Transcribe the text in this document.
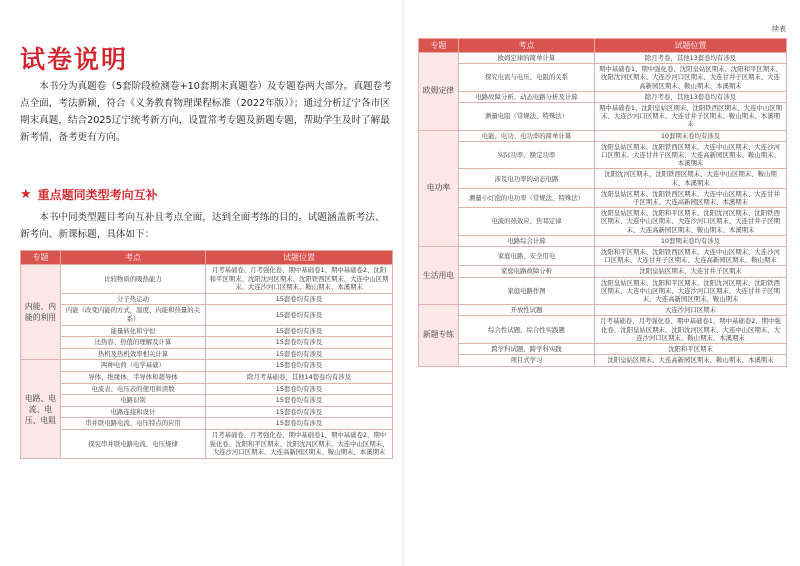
试卷说明
本书分为真题卷（5套阶段检测卷+10套期末真题卷）及专题卷两大部分。真题卷考点全面，考法新颖，符合《义务教育物理课程标准（2022年版）》；通过分析辽宁各市区期末真题，结合2025辽宁统考新方向，设置常考专题及新题专题，帮助学生及时了解最新考情，备考更有方向。
★ 重点题同类型考向互补
本书中同类型题目考向互补且考点全面，达到全面考练的目的。试题涵盖新考法、新考向、新课标题，具体如下：
专题	考点	试题位置
内能、内能的利用	比较物质的吸热能力	月考基础卷、月考强化卷、期中基础卷1、期中基础卷2、沈阳和平区期末、沈阳沈河区期末、沈阳铁西区期末、大连中山区期末、大连沙河口区期末、鞍山期末、本溪期末
	分子热运动	15套卷均有涉及
	内能（改变内能的方式，温度、内能和热量的关系）	15套卷均有涉及
	能量转化和守恒	15套卷均有涉及
	比热容、热值的理解及计算	15套卷均有涉及
	热机及热机效率相关计算	15套卷均有涉及
电路、电流、电压、电阻	两种电荷（电学基础）	15套卷均有涉及
	导体、绝缘体、半导体和超导体	除月考基础卷，其他14套卷均有涉及
	电流表、电压表的使用和读数	15套卷均有涉及
	电路识别	15套卷均有涉及
	电路连接和设计	15套卷均有涉及
	串并联电路电流、电压特点的应用	15套卷均有涉及
	探究串并联电路电流、电压规律	月考基础卷、月考强化卷、期中基础卷1、期中基础卷2、期中强化卷、沈阳和平区期末、沈阳沈河区期末、大连中山区期末、大连沙河口区期末、大连高新园区期末、鞍山期末、本溪期末
续表
专题	考点	试题位置
欧姆定律	欧姆定律的简单计算	除月考卷，其他13套卷均有涉及
	探究电流与电压、电阻的关系	期中基础卷1、期中强化卷、沈阳皇姑区期末、沈阳和平区期末、沈阳沈河区期末、大连沙河口区期末、大连甘井子区期末、大连高新园区期末、鞍山期末、本溪期末
	电路故障分析、动态电路分析及计算	除月考卷，其他13套卷均有涉及
	测量电阻（常规法、特殊法）	期中基础卷1、沈阳皇姑区期末、沈阳铁西区期末、大连中山区期末、大连沙河口区期末、大连甘井子区期末、鞍山期末、本溪期末
电功率	电能、电功、电功率的简单计算	10套期末卷均有涉及
	实际功率、额定功率	沈阳皇姑区期末、沈阳铁西区期末、大连中山区期末、大连沙河口区期末、大连甘井子区期末、大连高新园区期末、鞍山期末、本溪期末
	涉及电功率的动态电路	沈阳沈河区期末、沈阳铁西区期末、大连中山区期末、鞍山期末、本溪期末
	测量小灯泡的电功率（常规法、特殊法）	沈阳皇姑区期末、沈阳铁西区期末、大连中山区期末、大连甘井子区期末、大连高新园区期末、本溪期末
	电流的热效应、焦耳定律	沈阳皇姑区期末、沈阳和平区期末、沈阳沈河区期末、沈阳铁西区期末、大连中山区期末、大连沙河口区期末、大连甘井子区期末、大连高新园区期末、鞍山期末、本溪期末
	电路综合计算	10套期末卷均有涉及
生活用电	家庭电路、安全用电	沈阳和平区期末、沈阳铁西区期末、大连中山区期末、大连沙河口区期末、大连甘井子区期末、大连高新园区期末、鞍山期末
	家庭电路故障分析	沈阳皇姑区期末、大连甘井子区期末
	家庭电路作图	沈阳皇姑区期末、沈阳和平区期末、沈阳沈河区期末、沈阳铁西区期末、大连中山区期末、大连沙河口区期末、大连甘井子区期末、大连高新园区期末、鞍山期末
新题专练	开放性试题	大连沙河口区期末
	综合性试题、综合性实践题	月考基础卷、月考强化卷、期中基础卷1、期中基础卷2、期中强化卷、沈阳皇姑区期末、沈阳沈河区期末、大连中山区期末、大连沙河口区期末、鞍山期末、本溪期末
	跨学科试题、跨学科实践	沈阳和平区期末
	项目式学习	沈阳皇姑区期末、大连高新园区期末、鞍山期末、本溪期末
